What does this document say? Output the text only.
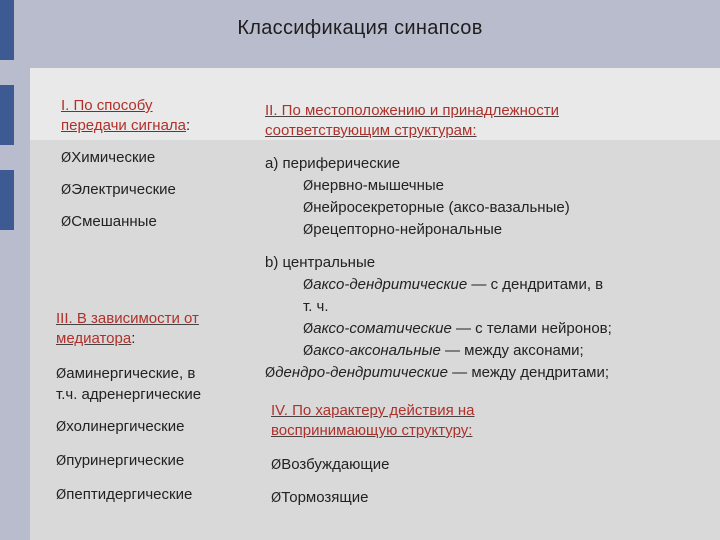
Классификация синапсов
I. По способу
передачи сигнала:
ØХимические
ØЭлектрические
ØСмешанные
III. В зависимости от
медиатора:
Øаминергические, в
т.ч. адренергические
Øхолинергические
Øпуринергические
Øпептидергические
II. По местоположению и принадлежности
соответствующим структурам:
а) периферические
Øнервно-мышечные
Øнейросекреторные (аксо-вазальные)
Øрецепторно-нейрональные
b) центральные
Øаксо-дендритические — с дендритами, в
т. ч.
Øаксо-соматические — с телами нейронов;
Øаксо-аксональные — между аксонами;
Øдендро-дендритические — между дендритами;
IV. По характеру действия на
воспринимающую структуру:
ØВозбуждающие
ØТормозящие
